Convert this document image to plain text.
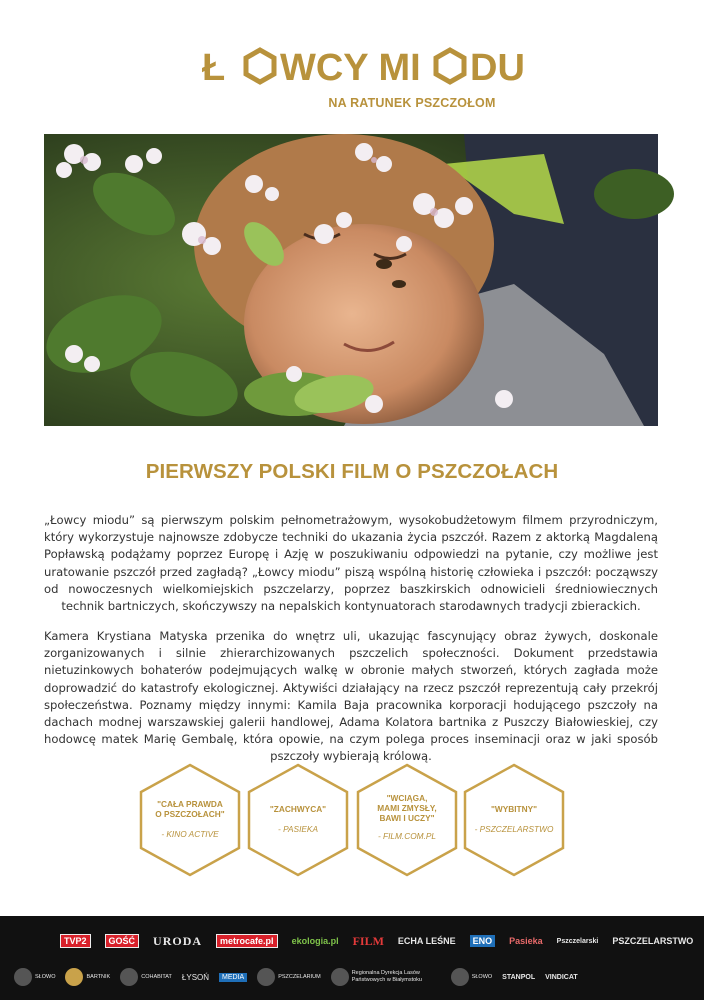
Ł WCY MI DU
NA RATUNEK PSZCZOŁOM
PIERWSZY POLSKI FILM O PSZCZOŁACH

„Łowcy miodu” są pierwszym polskim pełnometrażowym, wysokobudżetowym filmem przyrodniczym, który wykorzystuje najnowsze zdobycze techniki do ukazania życia pszczół. Razem z aktorką Magdaleną Popławską podążamy poprzez Europę i Azję w poszukiwaniu odpowiedzi na pytanie, czy możliwe jest uratowanie pszczół przed zagładą? „Łowcy miodu” piszą wspólną historię człowieka i pszczół: począwszy od nowoczesnych wielkomiejskich pszczelarzy, poprzez baszkirskich odnowicieli średniowiecznych technik bartniczych, skończywszy na nepalskich kontynuatorach starodawnych tradycji zbierackich.

Kamera Krystiana Matyska przenika do wnętrz uli, ukazując fascynujący obraz żywych, doskonale zorganizowanych i silnie zhierarchizowanych pszczelich społeczności. Dokument przedstawia nietuzinkowych bohaterów podejmujących walkę w obronie małych stworzeń, których zagłada może doprowadzić do katastrofy ekologicznej. Aktywiści działający na rzecz pszczół reprezentują cały przekrój społeczeństwa. Poznamy między innymi: Kamila Baja pracownika korporacji hodującego pszczoły na dachach modnej warszawskiej galerii handlowej, Adama Kolatora bartnika z Puszczy Białowieskiej, czy hodowcę matek Marię Gembalę, która opowie, na czym polega proces inseminacji oraz w jaki sposób pszczoły wybierają królową.

"CAŁA PRAWDA
O PSZCZOŁACH"
- KINO ACTIVE
"ZACHWYCA"
- PASIEKA
"WCIĄGA,
MAMI ZMYSŁY,
BAWI I UCZY"
- FILM.COM.PL
"WYBITNY"
- PSZCZELARSTWO
TVP2	GOŚĆ	URODA	metrocafe.pl	ekologia.pl FILM ECHA LEŚNE	ENO	Pasieka Pszczelarski PSZCZELARSTWO
SŁOWO	BARTNIK	COHABITAT ŁYSOŃ	MEDIA	PSZCZELARIUM
Regionalna Dyrekcja Lasów Państwowych w Białymstoku	SŁOWO STANPOL VINDICAT
